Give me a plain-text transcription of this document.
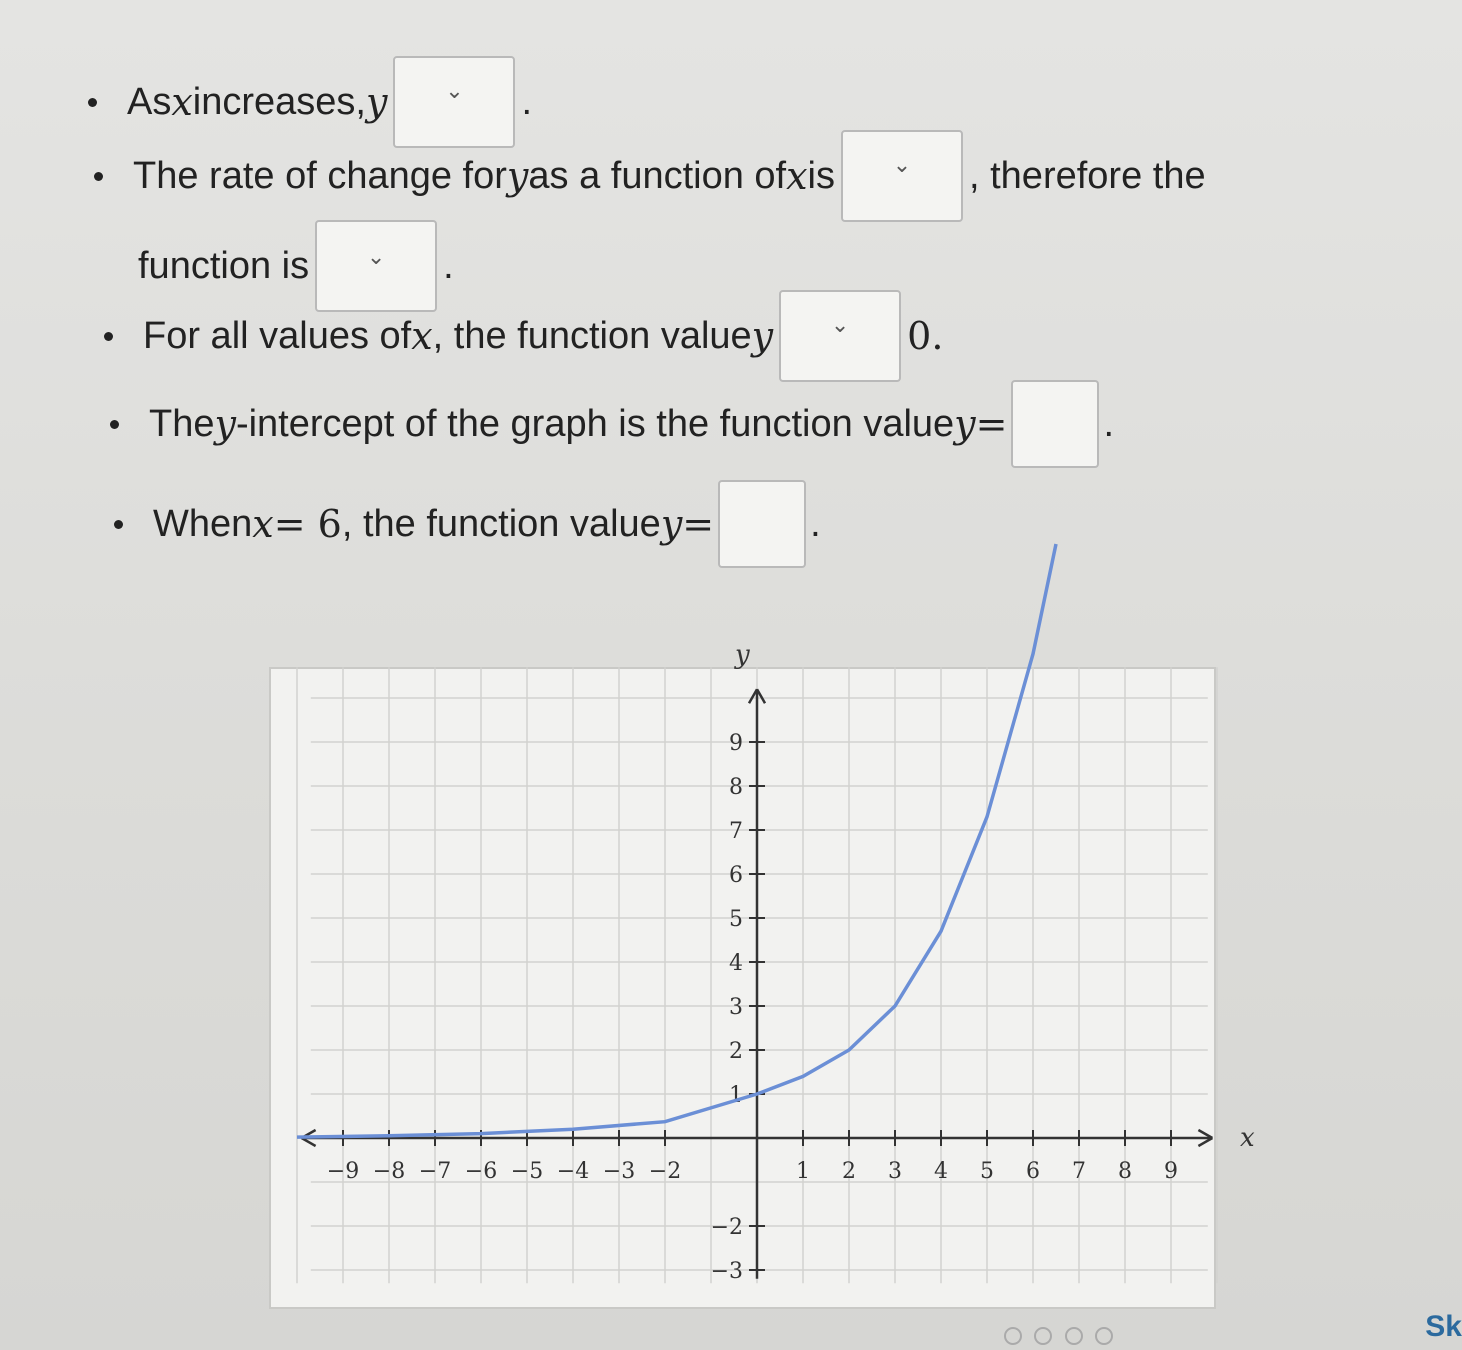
As x increases, y	⌄ .
The rate of change for y as a function of x is	⌄ , therefore the
function is	⌄ .
For all values of x , the function value y	⌄ 0.
The y -intercept of the graph is the function value y =	.
When x = 6 , the function value y =	.
−9 −8 −7 −6 −5 −4 −3 −2	1 2 3 4 5 6 7 8 9
−3
−2
1
2
3
4
5
6
7
8
9
x
y

Sk
